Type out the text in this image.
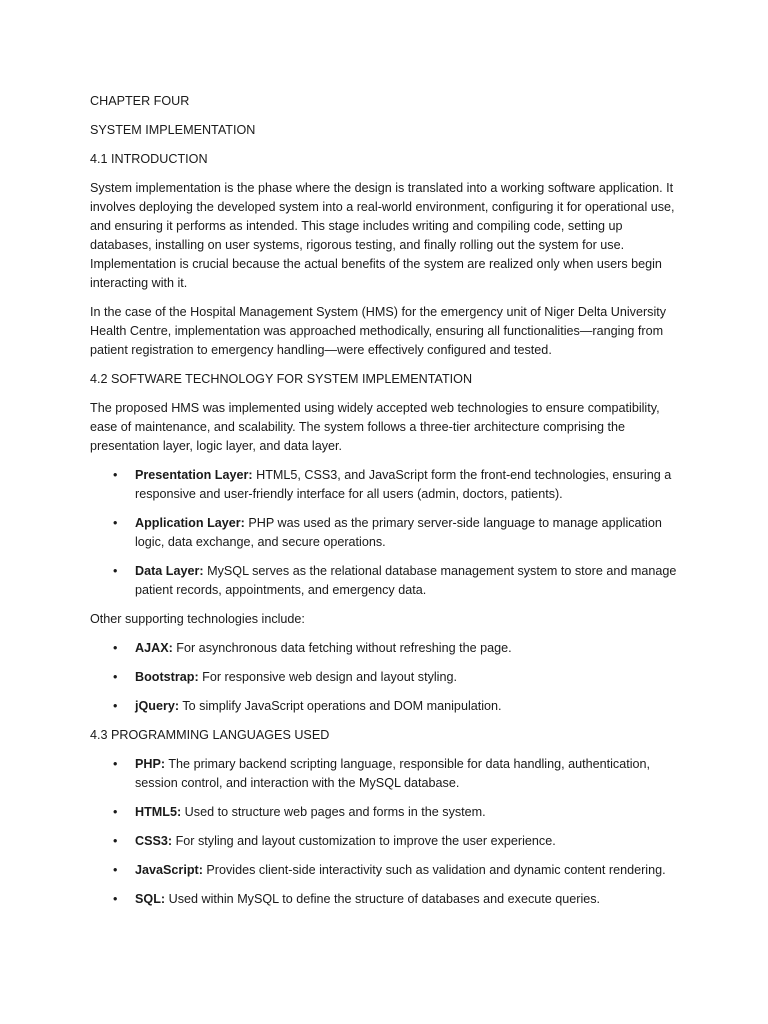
CHAPTER FOUR
SYSTEM IMPLEMENTATION
4.1 INTRODUCTION

System implementation is the phase where the design is translated into a working software application. It involves deploying the developed system into a real-world environment, configuring it for operational use, and ensuring it performs as intended. This stage includes writing and compiling code, setting up databases, installing on user systems, rigorous testing, and finally rolling out the system for use. Implementation is crucial because the actual benefits of the system are realized only when users begin interacting with it.

In the case of the Hospital Management System (HMS) for the emergency unit of Niger Delta University Health Centre, implementation was approached methodically, ensuring all functionalities—ranging from patient registration to emergency handling—were effectively configured and tested.

4.2 SOFTWARE TECHNOLOGY FOR SYSTEM IMPLEMENTATION

The proposed HMS was implemented using widely accepted web technologies to ensure compatibility, ease of maintenance, and scalability. The system follows a three-tier architecture comprising the presentation layer, logic layer, and data layer.

• Presentation Layer: HTML5, CSS3, and JavaScript form the front-end technologies, ensuring a responsive and user-friendly interface for all users (admin, doctors, patients).
• Application Layer: PHP was used as the primary server-side language to manage application logic, data exchange, and secure operations.
• Data Layer: MySQL serves as the relational database management system to store and manage patient records, appointments, and emergency data.

Other supporting technologies include:

• AJAX: For asynchronous data fetching without refreshing the page.
• Bootstrap: For responsive web design and layout styling.
• jQuery: To simplify JavaScript operations and DOM manipulation.
4.3 PROGRAMMING LANGUAGES USED
• PHP: The primary backend scripting language, responsible for data handling, authentication, session control, and interaction with the MySQL database.
• HTML5: Used to structure web pages and forms in the system.
• CSS3: For styling and layout customization to improve the user experience.
• JavaScript: Provides client-side interactivity such as validation and dynamic content rendering.
• SQL: Used within MySQL to define the structure of databases and execute queries.
